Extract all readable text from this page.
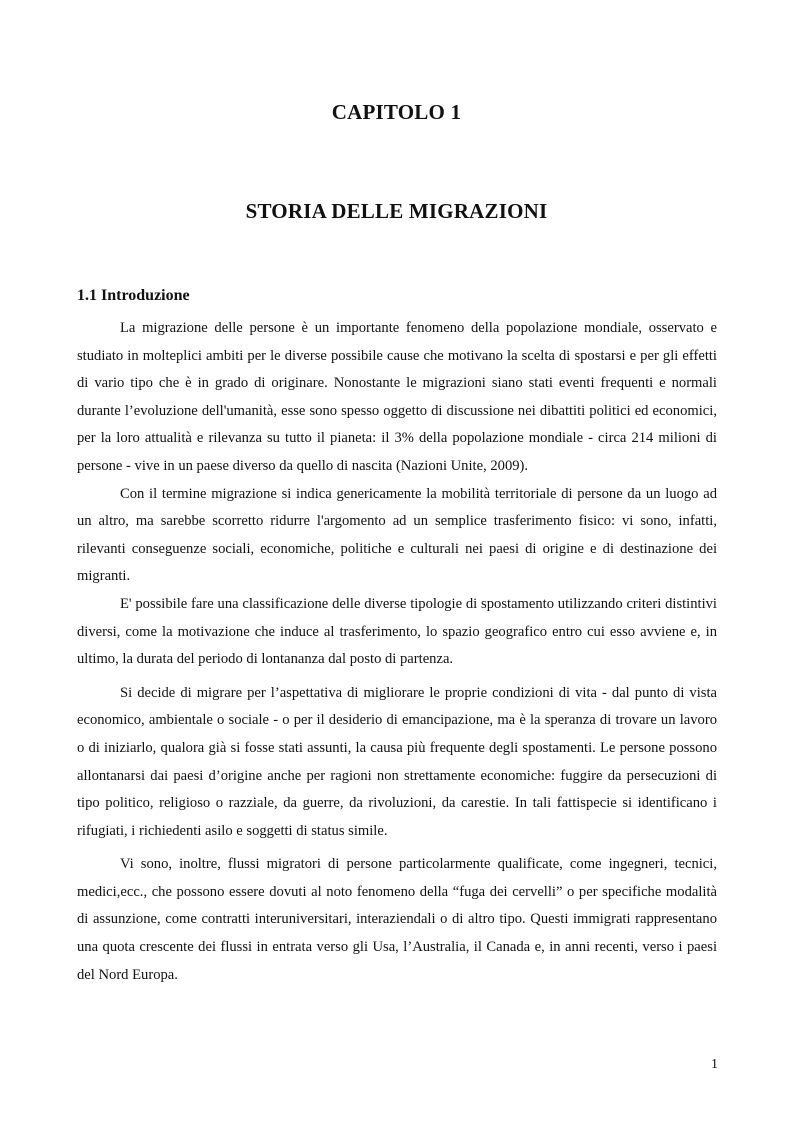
CAPITOLO 1
STORIA DELLE MIGRAZIONI
1.1 Introduzione

La migrazione delle persone è un importante fenomeno della popolazione mondiale, osservato e studiato in molteplici ambiti per le diverse possibile cause che motivano la scelta di spostarsi e per gli effetti di vario tipo che è in grado di originare. Nonostante le migrazioni siano stati eventi frequenti e normali durante l’evoluzione dell'umanità, esse sono spesso oggetto di discussione nei dibattiti politici ed economici, per la loro attualità e rilevanza su tutto il pianeta: il 3% della popolazione mondiale - circa 214 milioni di persone - vive in un paese diverso da quello di nascita (Nazioni Unite, 2009).

Con il termine migrazione si indica genericamente la mobilità territoriale di persone da un luogo ad un altro, ma sarebbe scorretto ridurre l'argomento ad un semplice trasferimento fisico: vi sono, infatti, rilevanti conseguenze sociali, economiche, politiche e culturali nei paesi di origine e di destinazione dei migranti.

E' possibile fare una classificazione delle diverse tipologie di spostamento utilizzando criteri distintivi diversi, come la motivazione che induce al trasferimento, lo spazio geografico entro cui esso avviene e, in ultimo, la durata del periodo di lontananza dal posto di partenza.

Si decide di migrare per l’aspettativa di migliorare le proprie condizioni di vita - dal punto di vista economico, ambientale o sociale - o per il desiderio di emancipazione, ma è la speranza di trovare un lavoro o di iniziarlo, qualora già si fosse stati assunti, la causa più frequente degli spostamenti. Le persone possono allontanarsi dai paesi d’origine anche per ragioni non strettamente economiche: fuggire da persecuzioni di tipo politico, religioso o razziale, da guerre, da rivoluzioni, da carestie. In tali fattispecie si identificano i rifugiati, i richiedenti asilo e soggetti di status simile.

Vi sono, inoltre, flussi migratori di persone particolarmente qualificate, come ingegneri, tecnici, medici,ecc., che possono essere dovuti al noto fenomeno della “fuga dei cervelli” o per specifiche modalità di assunzione, come contratti interuniversitari, interaziendali o di altro tipo. Questi immigrati rappresentano una quota crescente dei flussi in entrata verso gli Usa, l’Australia, il Canada e, in anni recenti, verso i paesi del Nord Europa.

1
